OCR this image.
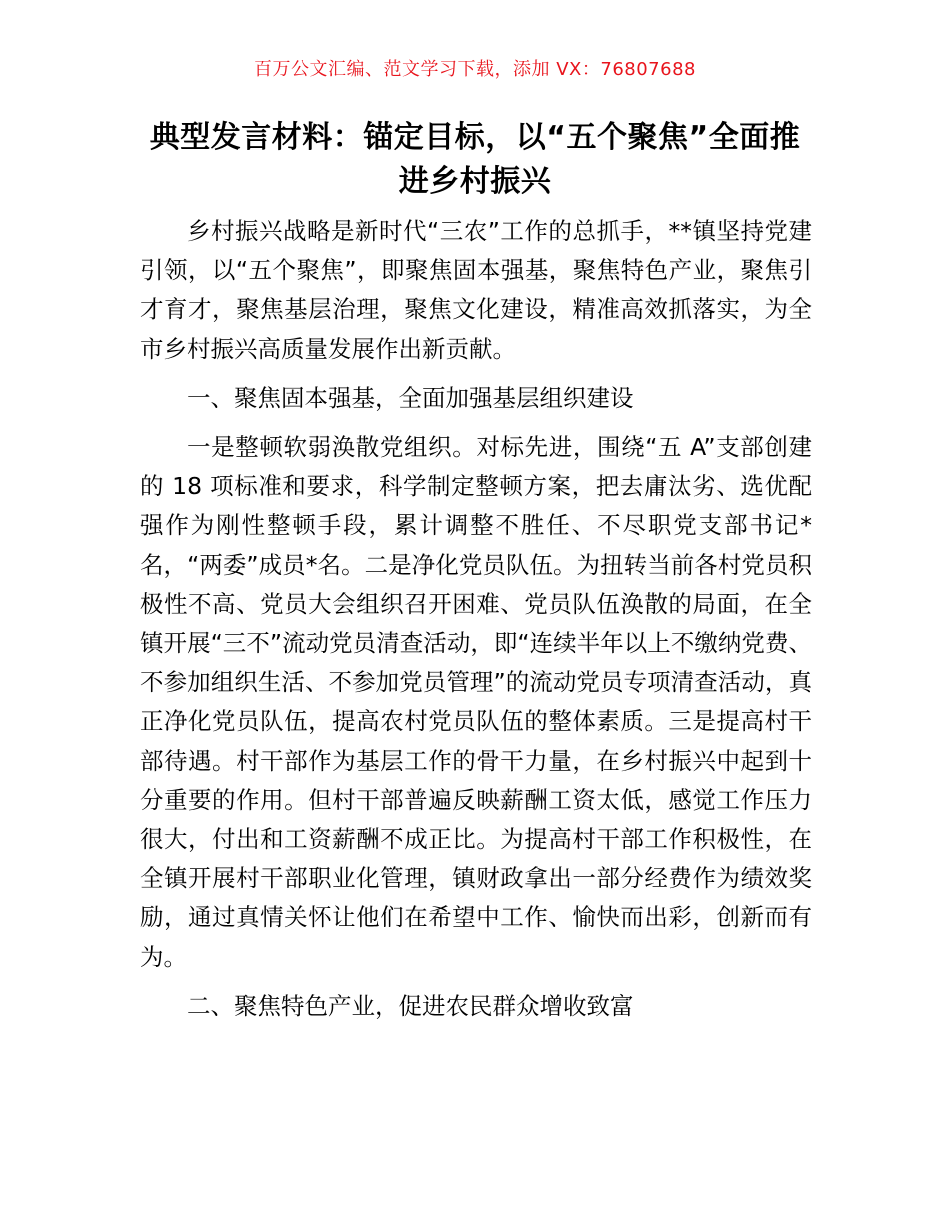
百万公文汇编、范文学习下载，添加 VX：76807688
典型发言材料：锚定目标，以“五个聚焦”全面推进乡村振兴

乡村振兴战略是新时代“三农”工作的总抓手，**镇坚持党建引领，以“五个聚焦”，即聚焦固本强基，聚焦特色产业，聚焦引才育才，聚焦基层治理，聚焦文化建设，精准高效抓落实，为全市乡村振兴高质量发展作出新贡献。

一、聚焦固本强基，全面加强基层组织建设

一是整顿软弱涣散党组织。对标先进，围绕“五 A”支部创建的 18 项标准和要求，科学制定整顿方案，把去庸汰劣、选优配强作为刚性整顿手段，累计调整不胜任、不尽职党支部书记*名，“两委”成员*名。二是净化党员队伍。为扭转当前各村党员积极性不高、党员大会组织召开困难、党员队伍涣散的局面，在全镇开展“三不”流动党员清查活动，即“连续半年以上不缴纳党费、不参加组织生活、不参加党员管理”的流动党员专项清查活动，真正净化党员队伍，提高农村党员队伍的整体素质。三是提高村干部待遇。村干部作为基层工作的骨干力量，在乡村振兴中起到十分重要的作用。但村干部普遍反映薪酬工资太低，感觉工作压力很大，付出和工资薪酬不成正比。为提高村干部工作积极性，在全镇开展村干部职业化管理，镇财政拿出一部分经费作为绩效奖励，通过真情关怀让他们在希望中工作、愉快而出彩，创新而有为。

二、聚焦特色产业，促进农民群众增收致富
